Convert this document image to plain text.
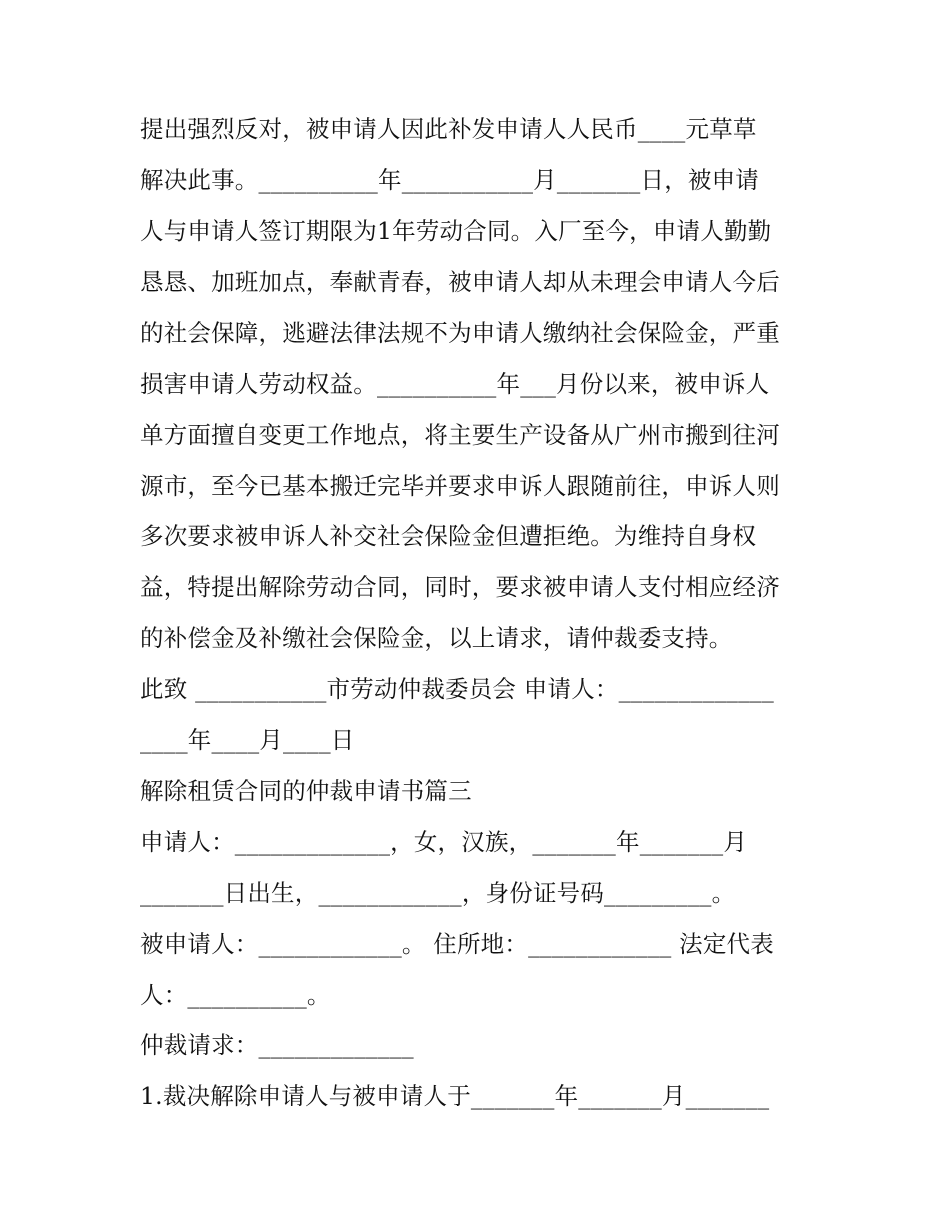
提出强烈反对，被申请人因此补发申请人人民币____元草草
解决此事。__________年___________月_______日，被申请
人与申请人签订期限为1年劳动合同。入厂至今，申请人勤勤
恳恳、加班加点，奉献青春，被申请人却从未理会申请人今后
的社会保障，逃避法律法规不为申请人缴纳社会保险金，严重
损害申请人劳动权益。__________年___月份以来，被申诉人
单方面擅自变更工作地点，将主要生产设备从广州市搬到往河
源市，至今已基本搬迁完毕并要求申诉人跟随前往，申诉人则
多次要求被申诉人补交社会保险金但遭拒绝。为维持自身权
益，特提出解除劳动合同，同时，要求被申请人支付相应经济
的补偿金及补缴社会保险金，以上请求，请仲裁委支持。
此致 ___________市劳动仲裁委员会 申请人：_____________
____年____月____日
解除租赁合同的仲裁申请书篇三
申请人：_____________，女，汉族，_______年_______月
_______日出生，____________，身份证号码_________。
被申请人：____________。 住所地：____________ 法定代表
人：__________。
仲裁请求：_____________
1.裁决解除申请人与被申请人于_______年_______月_______
